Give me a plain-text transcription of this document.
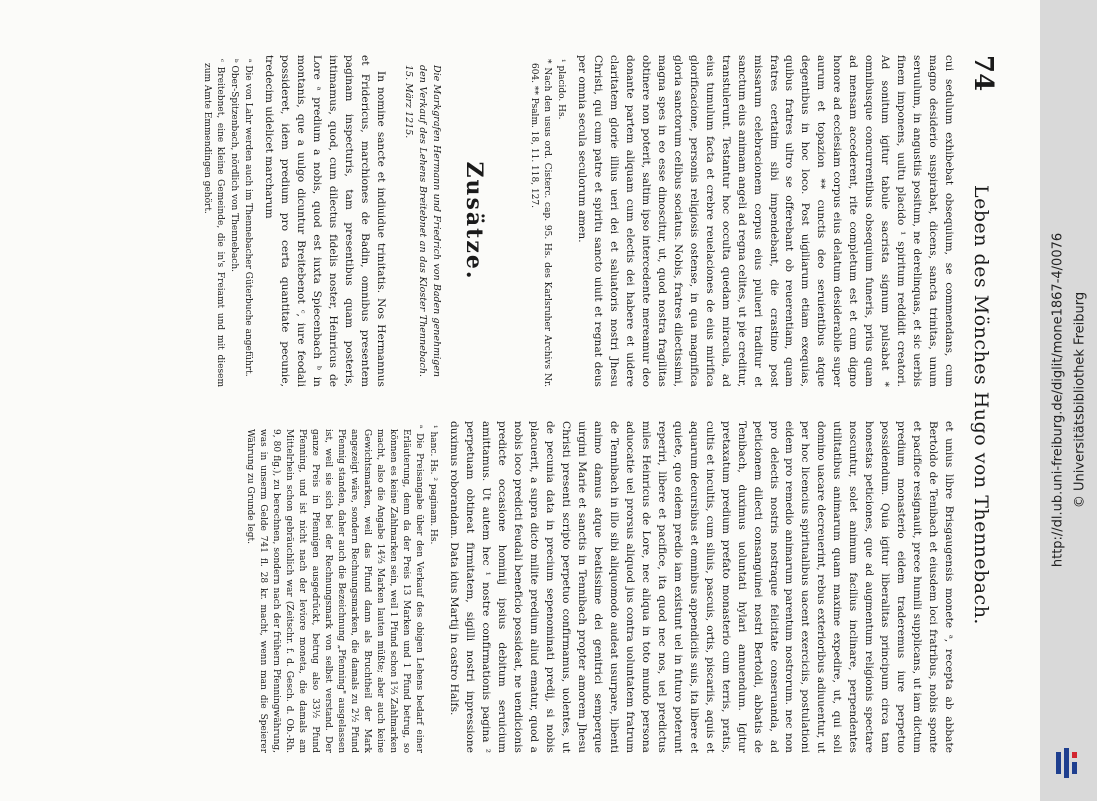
74
Leben des Mönches Hugo von Thennebach.

cui sedulum exhibebat obsequium, se commendans, cum magno desiderio suspirabat, dicens, sancta trinitas, unum seruulum, in angustiis positum, ne derelinquas, et sic uerbis finem imponens, uultu placido ¹ spiritum reddidit creatori. Ad sonitum igitur tabule sacrista signum pulsabat * omnibusque concurrentibus obsequium funeris, prius quam ad mensam accederent, rite completum est et cum digno honore ad ecclesiam corpus eius delatum desiderabile super aurum et topazion ** cunctis deo seruientibus atque degentibus in hoc loco. Post uigiliarum etiam exequias, quibus fratres ultro se offerebant ob reuerentiam, quam fratres certatim sibi impendebant, die crastino post missarum celebracionem corpus eius pulueri traditur et sanctum eius animam angeli ad regna celites, ut pie creditur, transtulerunt. Testantur hoc occulta quedam miracula, ad eius tumulum facta et crebre reuelaciones de eius mirifica glorificacione, personis religiosis ostense, in qua magnifica gloria sanctorum ceIibus sociatus. Nobis, fratres dilectissimi, magna spes in eo esse dinoscitur, ut, quod nostra fragilitas obtinere non poterit, saltim ipso intercedente mereamur deo donante partem aliquam cum electis dei habere et uidere claritatem glorie illius ueri dei et saluatoris nostri Jhesu Christi, qui cum patre et spiritu sancto uiuit et regnat deus per omnia secula seculorum amen.

¹ placido. Hs.

* Nach den usus ord. Cisterc. cap. 95. Hs. des Karlsruher Archivs Nr. 604. ** Psalm. 18, 11. 118, 127.

Zusätze.

Die Markgrafen Hermann und Friedrich von Baden genehmigen den Verkauf des Lehens Breitebnet an das Kloster Thennebach. 15. März 1215.

In nomine sancte et indiuidue trinitatis. Nos Hermannus et Fridericus, marchiones de Badin, omnibus presentem paginam inspecturis, tam presentibus quam posteris, intimamus, quod, cum dilectus fidelis noster, Heinricus de Lore ᵃ predium a nobis, quod est iuxta Spiecenbach ᵇ in montanis, que a uulgo dicuntur Breitebenot ᶜ, iure feodali possideret, idem predium pro certa quantitate pecunie, tredecim uidelicet marcharum

ᵃ Die von Lahr werden auch im Thennebacher Güterbuche angeführt.

ᵇ Ober-Spitzenbach, nördlich von Thennebach.

ᶜ Breitebnet, eine kleine Gemeinde, die in's Freiamt und mit diesem zum Amte Emmendingen gehört.

et unius libre Brisgaugensis monete ᵃ, recepta ab abbate Bertoldo de Tenibach et eiusdem loci fratribus, nobis sponte et pacifice resignauit, prece humili supplicans, ut iam dictum predium monasterio eidem traderemus iure perpetuo possidendum. Quia igitur liberalitas principum circa tam honestas peticiones, que ad augmentum religionis spectare noscuntur, solet animum facilius inclinare, perpendentes utilitatibus animarum quam maxime expedire, ut, qui soli domino uacare decreuerint, rebus exterioribus adiuuentur, ut per hoc licencius spiritualibus uacent exerciciis, postulationi eidem pro remedio animarum parentum nostrorum. nec non pro delectis nostris nostraque felicitate conseruanda, ad peticionem dilecti consanguinei nostri Bertoldi, abbatis de Tenibach, duximus uoluntati hylari annuendum. Igitur pretaxatum predium prefato monasterio cum terris, pratis, cultis et incultis, cum siluis, pascuis, ortis, piscariis, aquis et aquarum decursibus et omnibus appendiciis suis, ita libere et quiete, quo eidem predio iam existunt uel in futuro poterunt reperiri, libere et pacifice, ita quod nec nos, uel predictus miles Heinricus de Lore, nec aliqua in toto mundo persona aduocatie uel prorsus aliquod jus contra uoluntatem fratrum de Tennibach in illo sibi aliquomodo audeat usurpare, libenti animo damus atque beatissime dei genitrici semperque uirgini Marie et sanctis in Tennibach propter amorem Jhesu Christi presenti scripto perpetuo confirmamus, uolentes, ut de pecunia data in precium sepenominati predij, si nobis placuerit, a supra dicto milite predium aliud ematur, quod a nobis loco predicti feudali beneficio possideat, ne uendicionis predicte occasione hominij ipsius debitum seruicium amittamus. Ut autem hec ¹ nostre confirmationis pagina ² perpetuam obtineat firmitatem, sigilli nostri inpressione duximus roborandam. Data idus Martij in castro Halfs.

¹ hanc. Hs. ² paginam. Hs.

ᵃ Die Preisangabe über den Verkauf des obigen Lehens bedarf einer Erläuterung, denn da der Preis 13 Marken und 1 Pfund betrug, so können es keine Zahlmarken sein, weil 1 Pfund schon 1⅔ Zahlmarken macht, also die Angabe 14⅔ Marken lauten müßte; aber auch keine Gewichtsmarken, weil das Pfund dann als Bruchtheil der Mark angezeigt wäre, sondern Rechnungsmarken, die damals zu 2½ Pfund Pfennig standen, daher auch die Bezeichnung „Pfenning" ausgelassen ist, weil sie sich bei der Rechnungsmark von selbst verstand. Der ganze Preis in Pfennigen ausgedrückt, betrug also 33½ Pfund Pfenning, und ist nicht nach der leviore moneta, die damals am Mittelrhein schon gebräuchlich war (Zeitschr. f. d. Gesch. d. Ob.-Rh. 9, 80 flg.), zu berechnen, sondern nach der frühern Pfenningwährung, was in unserm Gelde 741 fl. 28 kr. macht, wenn man die Speierer Währung zu Grunde legt.	http://dl.ub.uni-freiburg.de/diglit/mone1867-4/0076 © Universitätsbibliothek Freiburg
